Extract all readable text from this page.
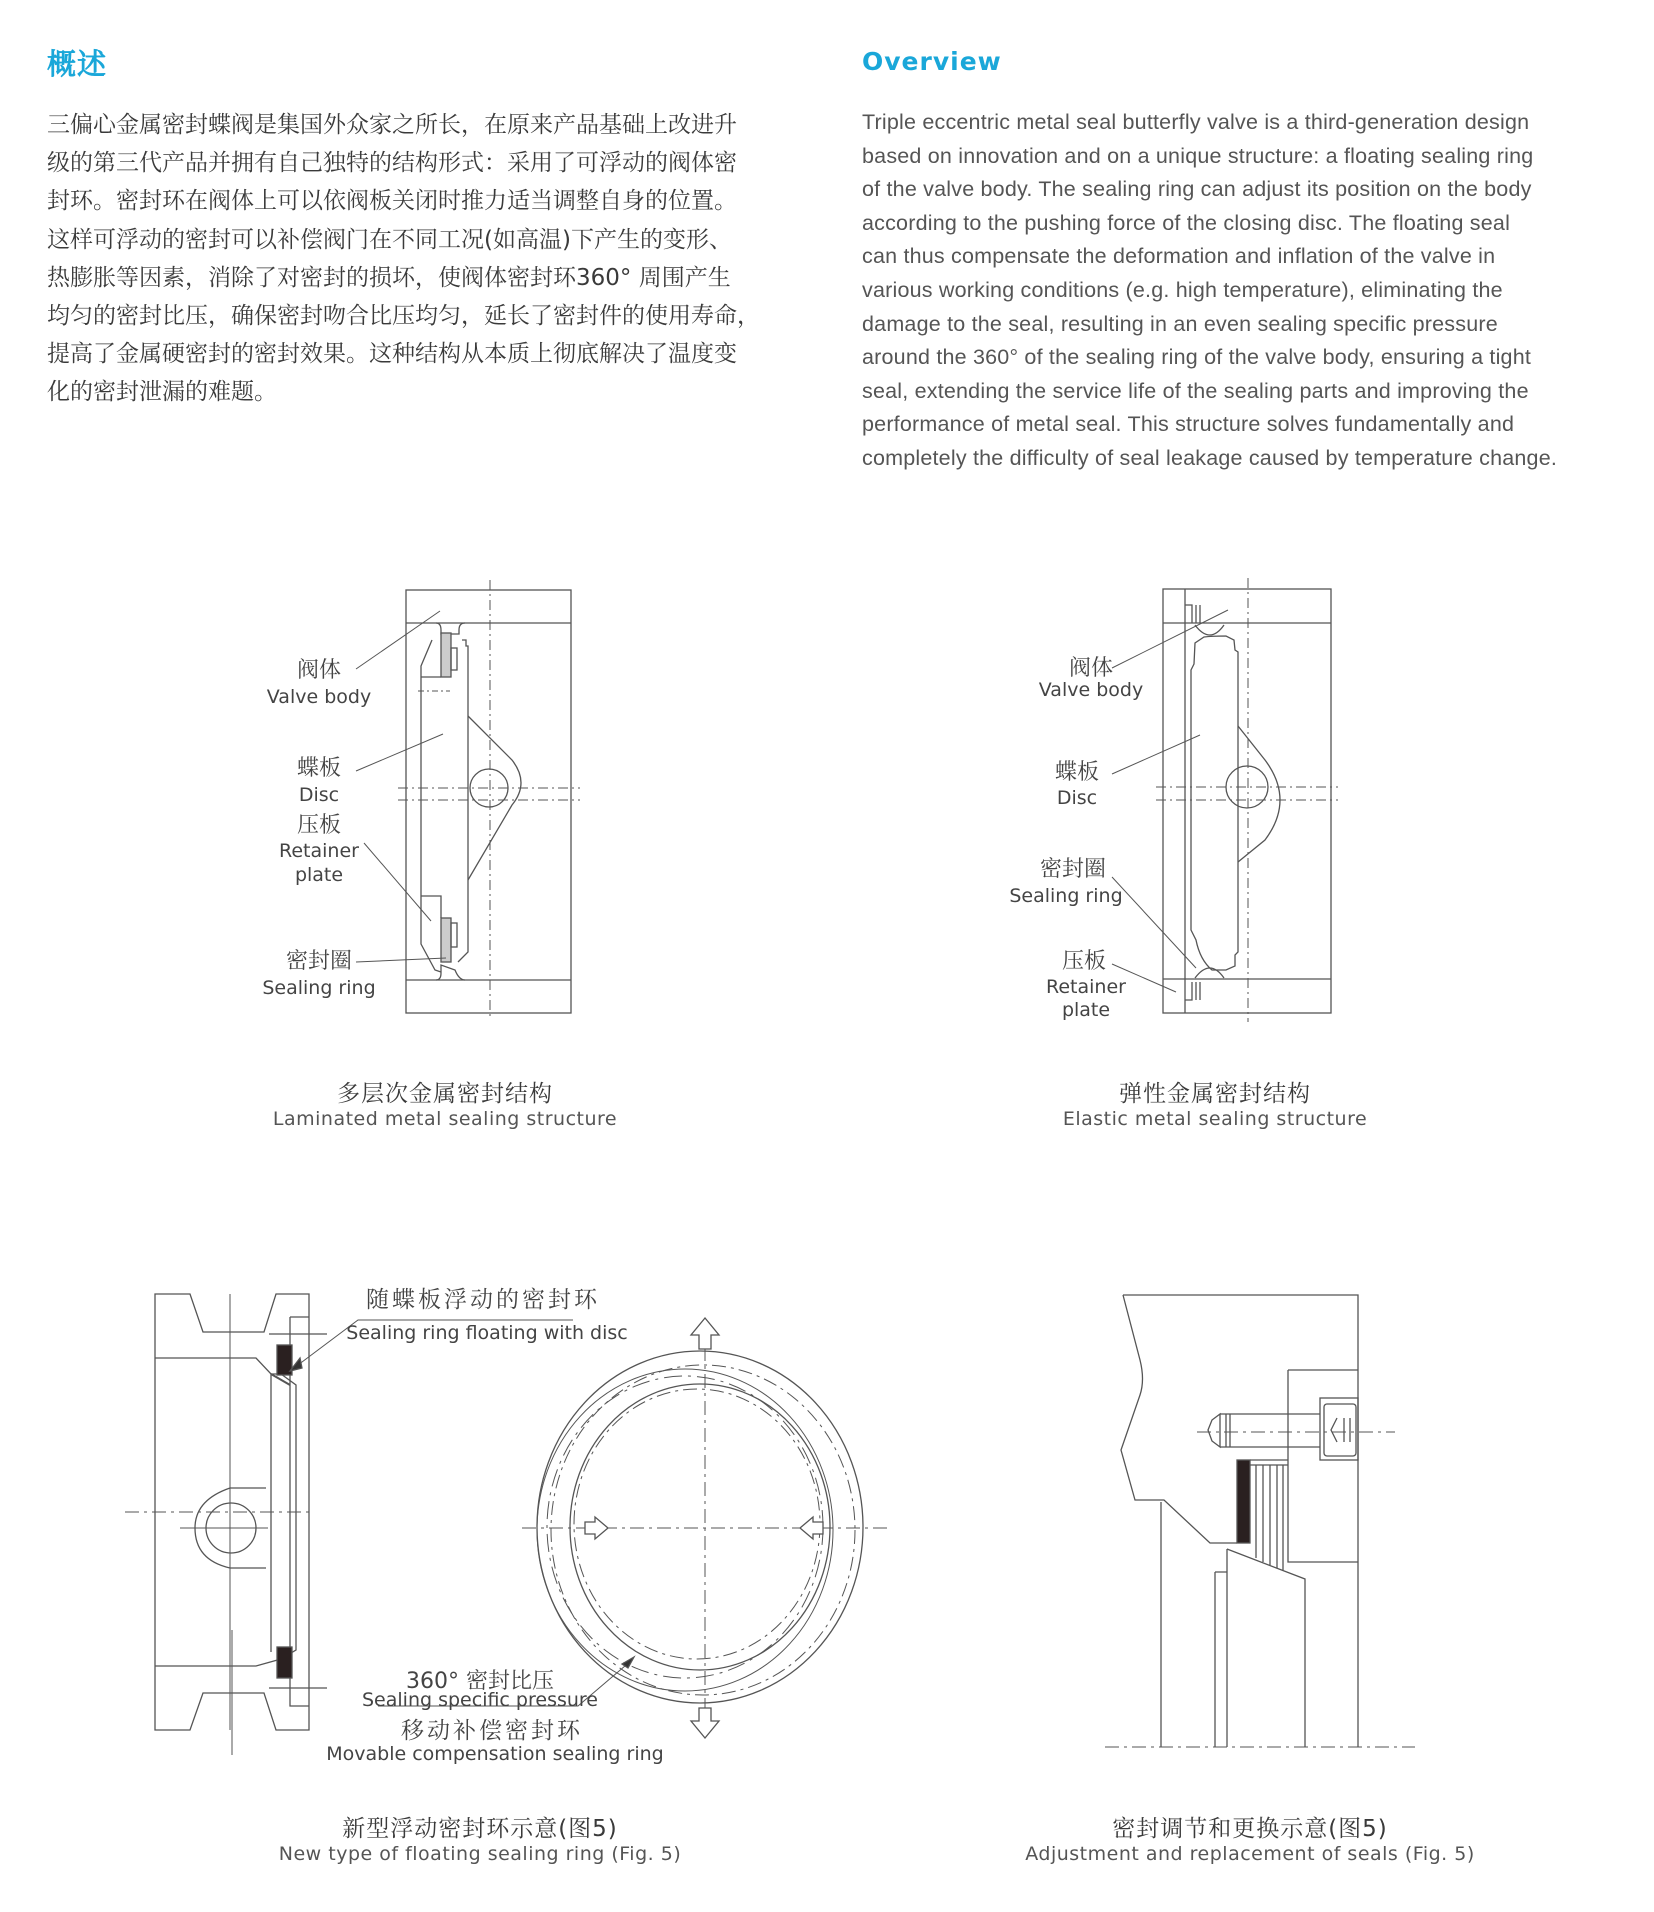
概述	Overview
三偏心金属密封蝶阀是集国外众家之所长，在原来产品基础上改进升
级的第三代产品并拥有自己独特的结构形式：采用了可浮动的阀体密
封环。密封环在阀体上可以依阀板关闭时推力适当调整自身的位置。
这样可浮动的密封可以补偿阀门在不同工况(如高温)下产生的变形、
热膨胀等因素，消除了对密封的损坏，使阀体密封环360° 周围产生
均匀的密封比压，确保密封吻合比压均匀，延长了密封件的使用寿命，
提高了金属硬密封的密封效果。这种结构从本质上彻底解决了温度变
化的密封泄漏的难题。
Triple eccentric metal seal butterfly valve is a third-generation design
based on innovation and on a unique structure: a floating sealing ring
of the valve body. The sealing ring can adjust its position on the body
according to the pushing force of the closing disc. The floating seal
can thus compensate the deformation and inflation of the valve in
various working conditions (e.g. high temperature), eliminating the
damage to the seal, resulting in an even sealing specific pressure
around the 360° of the sealing ring of the valve body, ensuring a tight
seal, extending the service life of the sealing parts and improving the
performance of metal seal. This structure solves fundamentally and
completely the difficulty of seal leakage caused by temperature change.
阀体
Valve body
蝶板
Disc
压板
Retainer
plate
密封圈
Sealing ring
阀体
Valve body
蝶板
Disc
密封圈
Sealing ring
压板
Retainer
plate
随蝶板浮动的密封环
Sealing ring floating with disc
360° 密封比压
Sealing specific pressure
移动补偿密封环
Movable compensation sealing ring
多层次金属密封结构
Laminated metal sealing structure
弹性金属密封结构
Elastic metal sealing structure
新型浮动密封环示意(图5)
New type of floating sealing ring (Fig. 5)
密封调节和更换示意(图5)
Adjustment and replacement of seals (Fig. 5)
